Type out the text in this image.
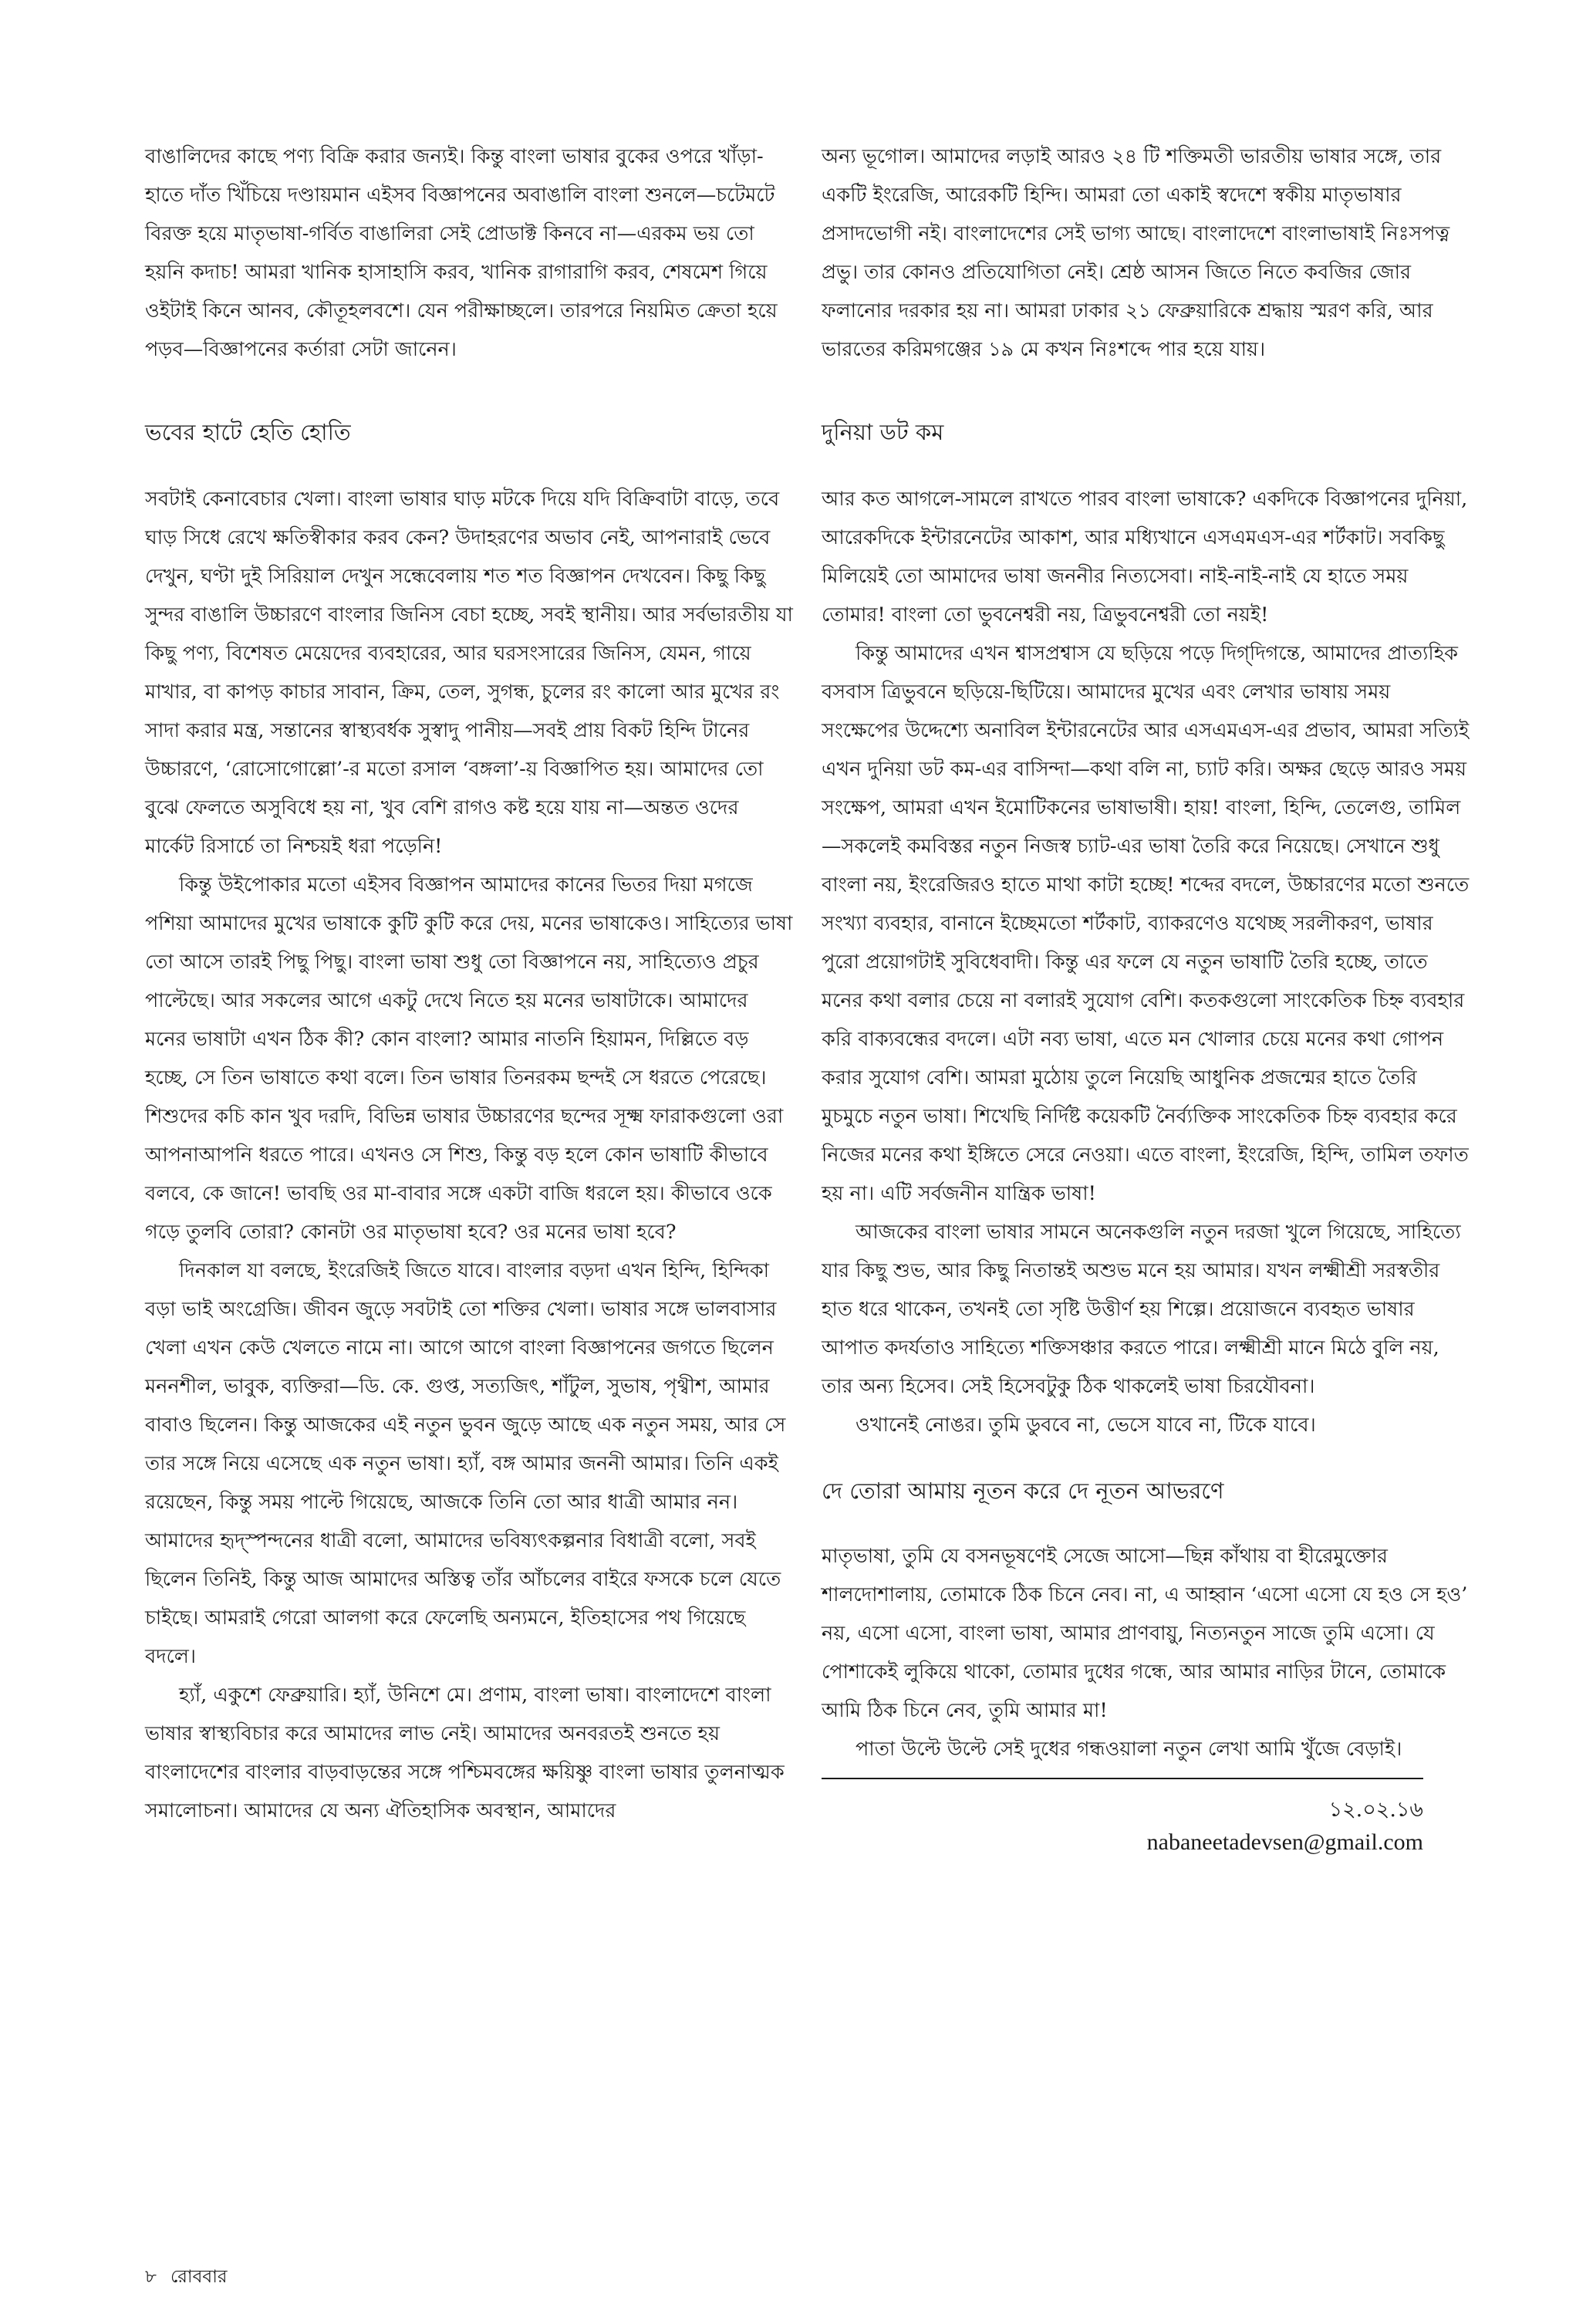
বাঙালিদের কাছে পণ্য বিক্রি করার জন্যই। কিন্তু বাংলা ভাষার বুকের ওপরে খাঁড়া-হাতে দাঁত খিঁচিয়ে দণ্ডায়মান এইসব বিজ্ঞাপনের অবাঙালি বাংলা শুনলে—চটেমটে বিরক্ত হয়ে মাতৃভাষা-গর্বিত বাঙালিরা সেই প্রোডাক্ট কিনবে না—এরকম ভয় তো হয়নি কদাচ! আমরা খানিক হাসাহাসি করব, খানিক রাগারাগি করব, শেষমেশ গিয়ে ওইটাই কিনে আনব, কৌতূহলবশে। যেন পরীক্ষাচ্ছলে। তারপরে নিয়মিত ক্রেতা হয়ে পড়ব—বিজ্ঞাপনের কর্তারা সেটা জানেন।

ভবের হাটে হেতি হোতি

সবটাই কেনাবেচার খেলা। বাংলা ভাষার ঘাড় মটকে দিয়ে যদি বিক্রিবাটা বাড়ে, তবে ঘাড় সিধে রেখে ক্ষতিস্বীকার করব কেন? উদাহরণের অভাব নেই, আপনারাই ভেবে দেখুন, ঘণ্টা দুই সিরিয়াল দেখুন সন্ধেবেলায় শত শত বিজ্ঞাপন দেখবেন। কিছু কিছু সুন্দর বাঙালি উচ্চারণে বাংলার জিনিস বেচা হচ্ছে, সবই স্থানীয়। আর সর্বভারতীয় যা কিছু পণ্য, বিশেষত মেয়েদের ব্যবহারের, আর ঘরসংসারের জিনিস, যেমন, গায়ে মাখার, বা কাপড় কাচার সাবান, ক্রিম, তেল, সুগন্ধ, চুলের রং কালো আর মুখের রং সাদা করার মন্ত্র, সন্তানের স্বাস্থ্যবর্ধক সুস্বাদু পানীয়—সবই প্রায় বিকট হিন্দি টানের উচ্চারণে, ‘রোসোগোল্লো’-র মতো রসাল ‘বঙ্গলা’-য় বিজ্ঞাপিত হয়। আমাদের তো বুঝে ফেলতে অসুবিধে হয় না, খুব বেশি রাগও কষ্ট হয়ে যায় না—অন্তত ওদের মার্কেট রিসার্চে তা নিশ্চয়ই ধরা পড়েনি!

কিন্তু উইপোকার মতো এইসব বিজ্ঞাপন আমাদের কানের ভিতর দিয়া মগজে পশিয়া আমাদের মুখের ভাষাকে কুটি কুটি করে দেয়, মনের ভাষাকেও। সাহিত্যের ভাষা তো আসে তারই পিছু পিছু। বাংলা ভাষা শুধু তো বিজ্ঞাপনে নয়, সাহিত্যেও প্রচুর পাল্টেছে। আর সকলের আগে একটু দেখে নিতে হয় মনের ভাষাটাকে। আমাদের মনের ভাষাটা এখন ঠিক কী? কোন বাংলা? আমার নাতনি হিয়ামন, দিল্লিতে বড় হচ্ছে, সে তিন ভাষাতে কথা বলে। তিন ভাষার তিনরকম ছন্দই সে ধরতে পেরেছে। শিশুদের কচি কান খুব দরদি, বিভিন্ন ভাষার উচ্চারণের ছন্দের সূক্ষ্ম ফারাকগুলো ওরা আপনাআপনি ধরতে পারে। এখনও সে শিশু, কিন্তু বড় হলে কোন ভাষাটি কীভাবে বলবে, কে জানে! ভাবছি ওর মা-বাবার সঙ্গে একটা বাজি ধরলে হয়। কীভাবে ওকে গড়ে তুলবি তোরা? কোনটা ওর মাতৃভাষা হবে? ওর মনের ভাষা হবে?

দিনকাল যা বলছে, ইংরেজিই জিতে যাবে। বাংলার বড়দা এখন হিন্দি, হিন্দিকা বড়া ভাই অংগ্রেজি। জীবন জুড়ে সবটাই তো শক্তির খেলা। ভাষার সঙ্গে ভালবাসার খেলা এখন কেউ খেলতে নামে না। আগে আগে বাংলা বিজ্ঞাপনের জগতে ছিলেন মননশীল, ভাবুক, ব্যক্তিরা—ডি. কে. গুপ্ত, সত্যজিৎ, শাঁটুল, সুভাষ, পৃথ্বীশ, আমার বাবাও ছিলেন। কিন্তু আজকের এই নতুন ভুবন জুড়ে আছে এক নতুন সময়, আর সে তার সঙ্গে নিয়ে এসেছে এক নতুন ভাষা। হ্যাঁ, বঙ্গ আমার জননী আমার। তিনি একই রয়েছেন, কিন্তু সময় পাল্টে গিয়েছে, আজকে তিনি তো আর ধাত্রী আমার নন। আমাদের হৃদ্‌স্পন্দনের ধাত্রী বলো, আমাদের ভবিষ্যৎকল্পনার বিধাত্রী বলো, সবই ছিলেন তিনিই, কিন্তু আজ আমাদের অস্তিত্ব তাঁর আঁচলের বাইরে ফসকে চলে যেতে চাইছে। আমরাই গেরো আলগা করে ফেলেছি অন্যমনে, ইতিহাসের পথ গিয়েছে বদলে।

হ্যাঁ, একুশে ফেব্রুয়ারি। হ্যাঁ, উনিশে মে। প্রণাম, বাংলা ভাষা। বাংলাদেশে বাংলা ভাষার স্বাস্থ্যবিচার করে আমাদের লাভ নেই। আমাদের অনবরতই শুনতে হয় বাংলাদেশের বাংলার বাড়বাড়ন্তের সঙ্গে পশ্চিমবঙ্গের ক্ষয়িষ্ণু বাংলা ভাষার তুলনাত্মক সমালোচনা। আমাদের যে অন্য ঐতিহাসিক অবস্থান, আমাদের

অন্য ভূগোল। আমাদের লড়াই আরও ২৪ টি শক্তিমতী ভারতীয় ভাষার সঙ্গে, তার একটি ইংরেজি, আরেকটি হিন্দি। আমরা তো একাই স্বদেশে স্বকীয় মাতৃভাষার প্রসাদভোগী নই। বাংলাদেশের সেই ভাগ্য আছে। বাংলাদেশে বাংলাভাষাই নিঃসপত্ন প্রভু। তার কোনও প্রতিযোগিতা নেই। শ্রেষ্ঠ আসন জিতে নিতে কবজির জোর ফলানোর দরকার হয় না। আমরা ঢাকার ২১ ফেব্রুয়ারিকে শ্রদ্ধায় স্মরণ করি, আর ভারতের করিমগঞ্জের ১৯ মে কখন নিঃশব্দে পার হয়ে যায়।

দুনিয়া ডট কম

আর কত আগলে-সামলে রাখতে পারব বাংলা ভাষাকে? একদিকে বিজ্ঞাপনের দুনিয়া, আরেকদিকে ইন্টারনেটের আকাশ, আর মধ্যিখানে এসএমএস-এর শর্টকাট। সবকিছু মিলিয়েই তো আমাদের ভাষা জননীর নিত্যসেবা। নাই-নাই-নাই যে হাতে সময় তোমার! বাংলা তো ভুবনেশ্বরী নয়, ত্রিভুবনেশ্বরী তো নয়ই!

কিন্তু আমাদের এখন শ্বাসপ্রশ্বাস যে ছড়িয়ে পড়ে দিগ্‌দিগন্তে, আমাদের প্রাত্যহিক বসবাস ত্রিভুবনে ছড়িয়ে-ছিটিয়ে। আমাদের মুখের এবং লেখার ভাষায় সময় সংক্ষেপের উদ্দেশ্যে অনাবিল ইন্টারনেটের আর এসএমএস-এর প্রভাব, আমরা সত্যিই এখন দুনিয়া ডট কম-এর বাসিন্দা—কথা বলি না, চ্যাট করি। অক্ষর ছেড়ে আরও সময় সংক্ষেপ, আমরা এখন ইমোটিকনের ভাষাভাষী। হায়! বাংলা, হিন্দি, তেলেগু, তামিল—সকলেই কমবিস্তর নতুন নিজস্ব চ্যাট-এর ভাষা তৈরি করে নিয়েছে। সেখানে শুধু বাংলা নয়, ইংরেজিরও হাতে মাথা কাটা হচ্ছে! শব্দের বদলে, উচ্চারণের মতো শুনতে সংখ্যা ব্যবহার, বানানে ইচ্ছেমতো শর্টকাট, ব্যাকরণেও যথেচ্ছ সরলীকরণ, ভাষার পুরো প্রয়োগটাই সুবিধেবাদী। কিন্তু এর ফলে যে নতুন ভাষাটি তৈরি হচ্ছে, তাতে মনের কথা বলার চেয়ে না বলারই সুযোগ বেশি। কতকগুলো সাংকেতিক চিহ্ন ব্যবহার করি বাক্যবন্ধের বদলে। এটা নব্য ভাষা, এতে মন খোলার চেয়ে মনের কথা গোপন করার সুযোগ বেশি। আমরা মুঠোয় তুলে নিয়েছি আধুনিক প্রজন্মের হাতে তৈরি মুচমুচে নতুন ভাষা। শিখেছি নির্দিষ্ট কয়েকটি নৈর্ব্যক্তিক সাংকেতিক চিহ্ন ব্যবহার করে নিজের মনের কথা ইঙ্গিতে সেরে নেওয়া। এতে বাংলা, ইংরেজি, হিন্দি, তামিল তফাত হয় না। এটি সর্বজনীন যান্ত্রিক ভাষা!

আজকের বাংলা ভাষার সামনে অনেকগুলি নতুন দরজা খুলে গিয়েছে, সাহিত্যে যার কিছু শুভ, আর কিছু নিতান্তই অশুভ মনে হয় আমার। যখন লক্ষ্মীশ্রী সরস্বতীর হাত ধরে থাকেন, তখনই তো সৃষ্টি উত্তীর্ণ হয় শিল্পে। প্রয়োজনে ব্যবহৃত ভাষার আপাত কদর্যতাও সাহিত্যে শক্তিসঞ্চার করতে পারে। লক্ষ্মীশ্রী মানে মিঠে বুলি নয়, তার অন্য হিসেব। সেই হিসেবটুকু ঠিক থাকলেই ভাষা চিরযৌবনা।

ওখানেই নোঙর। তুমি ডুববে না, ভেসে যাবে না, টিকে যাবে।

দে তোরা আমায় নূতন করে দে নূতন আভরণে

মাতৃভাষা, তুমি যে বসনভূষণেই সেজে আসো—ছিন্ন কাঁথায় বা হীরেমুক্তোর শালদোশালায়, তোমাকে ঠিক চিনে নেব। না, এ আহ্বান ‘এসো এসো যে হও সে হও’ নয়, এসো এসো, বাংলা ভাষা, আমার প্রাণবায়ু, নিত্যনতুন সাজে তুমি এসো। যে পোশাকেই লুকিয়ে থাকো, তোমার দুধের গন্ধে, আর আমার নাড়ির টানে, তোমাকে আমি ঠিক চিনে নেব, তুমি আমার মা!

পাতা উল্টে উল্টে সেই দুধের গন্ধওয়ালা নতুন লেখা আমি খুঁজে বেড়াই।

১২.০২.১৬
nabaneetadevsen@gmail.com
৮ রোববার
